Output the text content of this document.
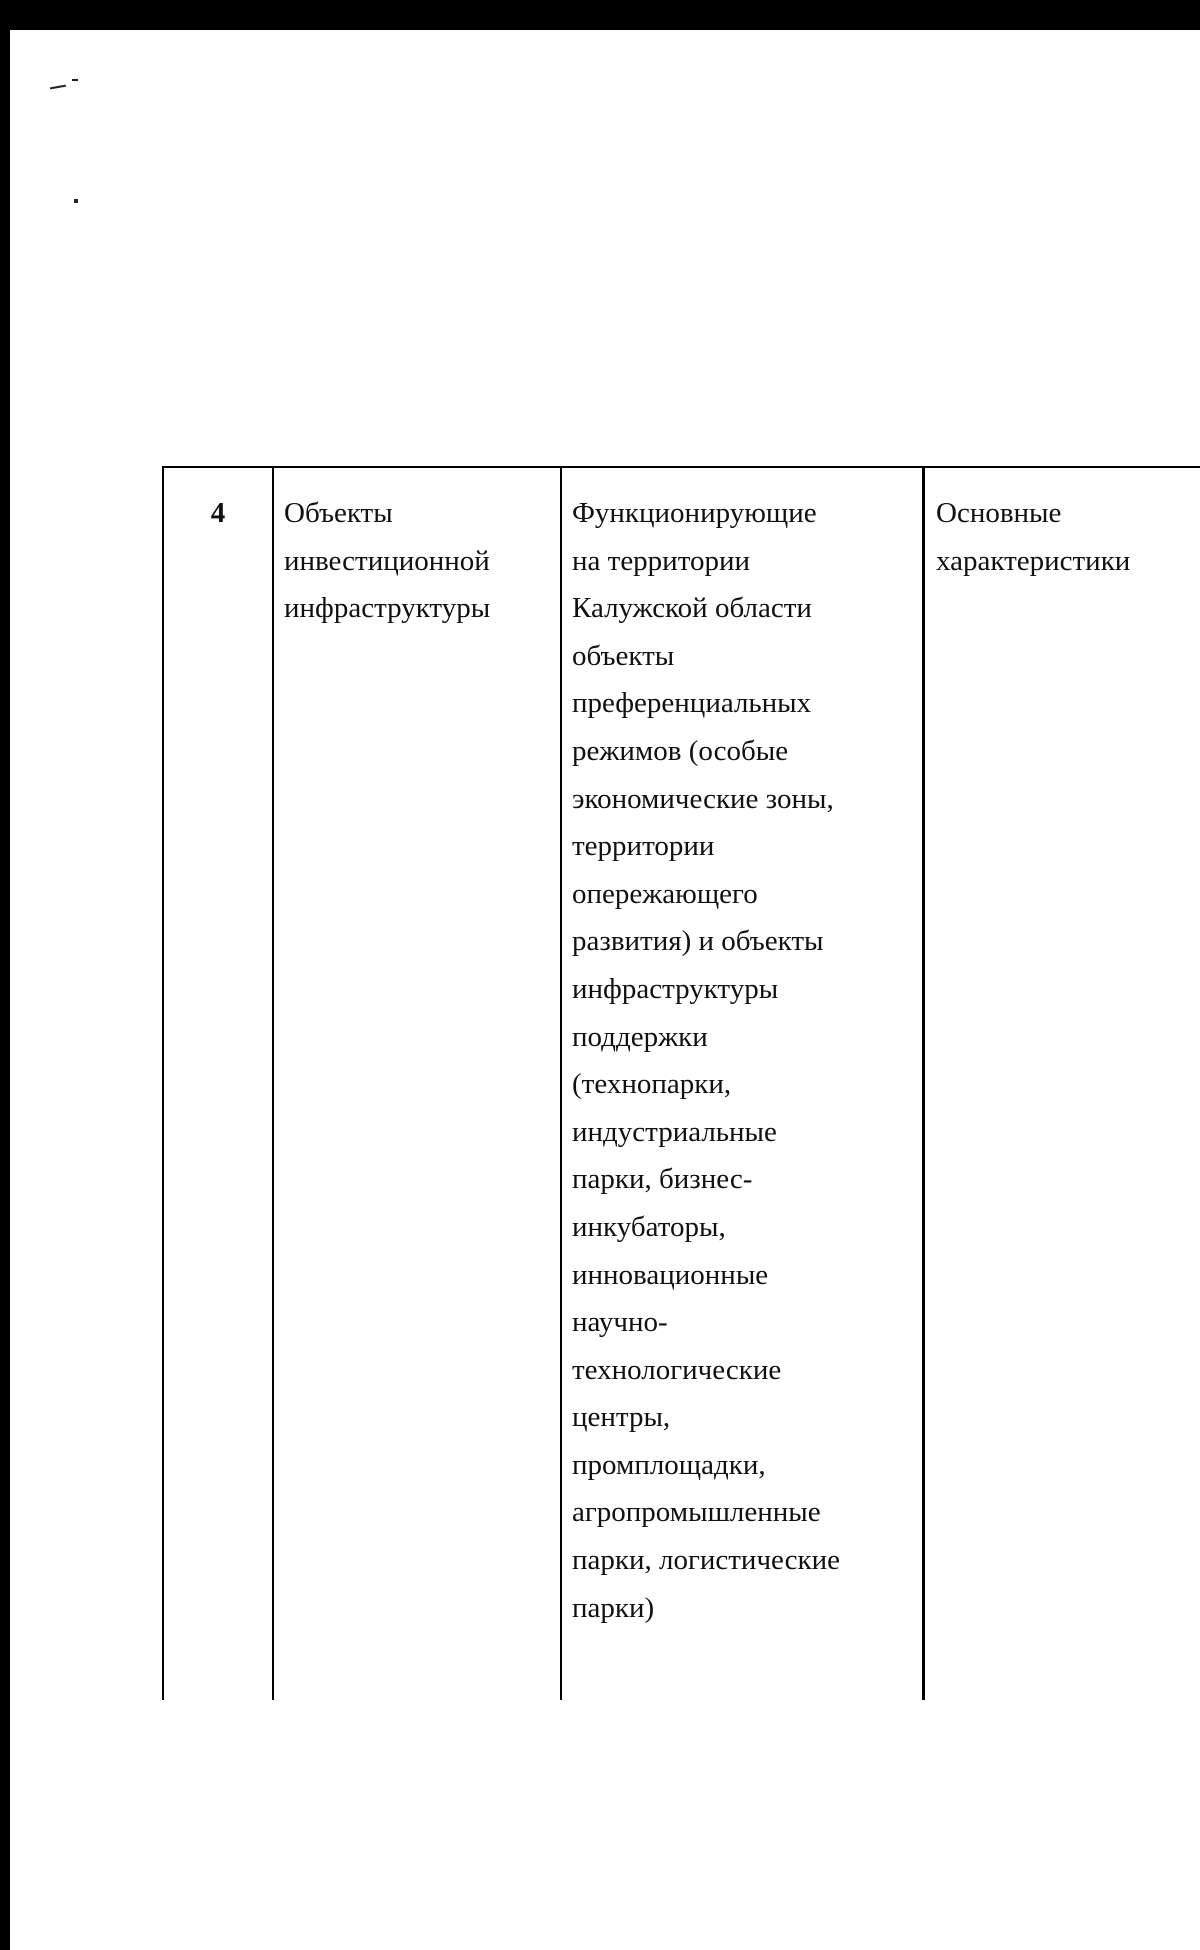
4	Объекты
инвестиционной
инфраструктуры
Функционирующие
на территории
Калужской области
объекты
преференциальных
режимов (особые
экономические зоны,
территории
опережающего
развития) и объекты
инфраструктуры
поддержки
(технопарки,
индустриальные
парки, бизнес-
инкубаторы,
инновационные
научно-
технологические
центры,
промплощадки,
агропромышленные
парки, логистические
парки)
Основные
характеристики
